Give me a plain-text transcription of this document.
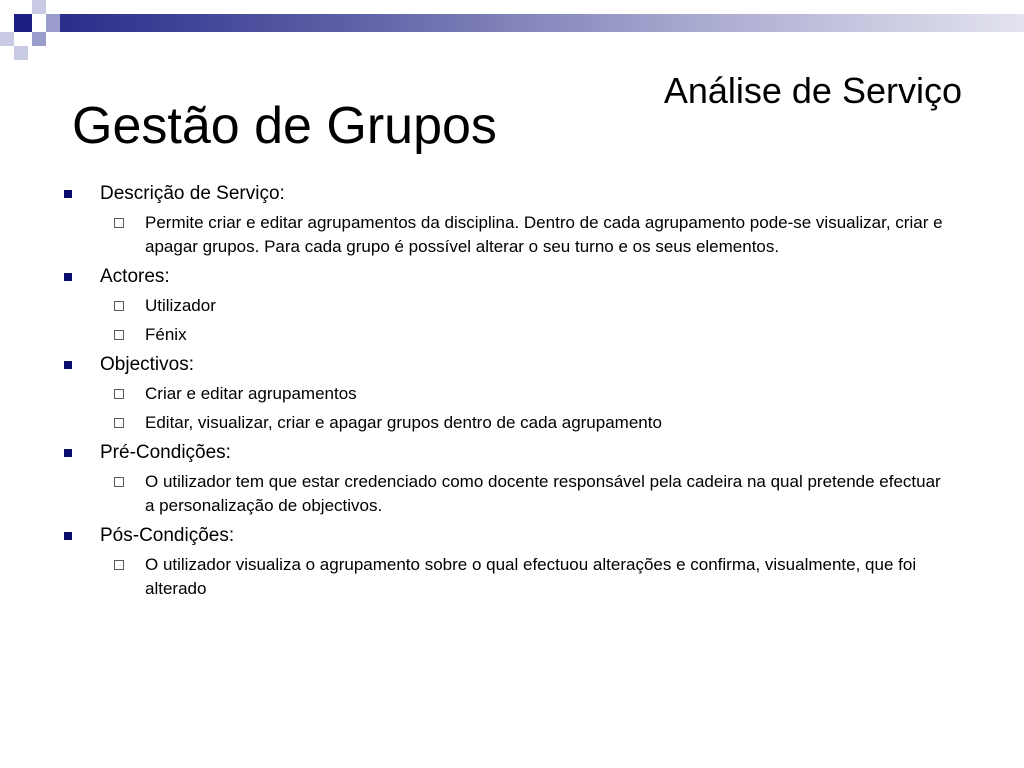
Análise de Serviço
Gestão de Grupos
Descrição de Serviço:
Permite criar e editar agrupamentos da disciplina. Dentro de cada agrupamento pode-se visualizar, criar e apagar grupos. Para cada grupo é possível alterar o seu turno e os seus elementos.
Actores:
Utilizador
Fénix
Objectivos:
Criar e editar agrupamentos
Editar, visualizar, criar e apagar grupos dentro de cada agrupamento
Pré-Condições:
O utilizador tem que estar credenciado como docente responsável pela cadeira na qual pretende efectuar a personalização de objectivos.
Pós-Condições:
O utilizador visualiza o agrupamento sobre o qual efectuou alterações e confirma, visualmente, que foi alterado
